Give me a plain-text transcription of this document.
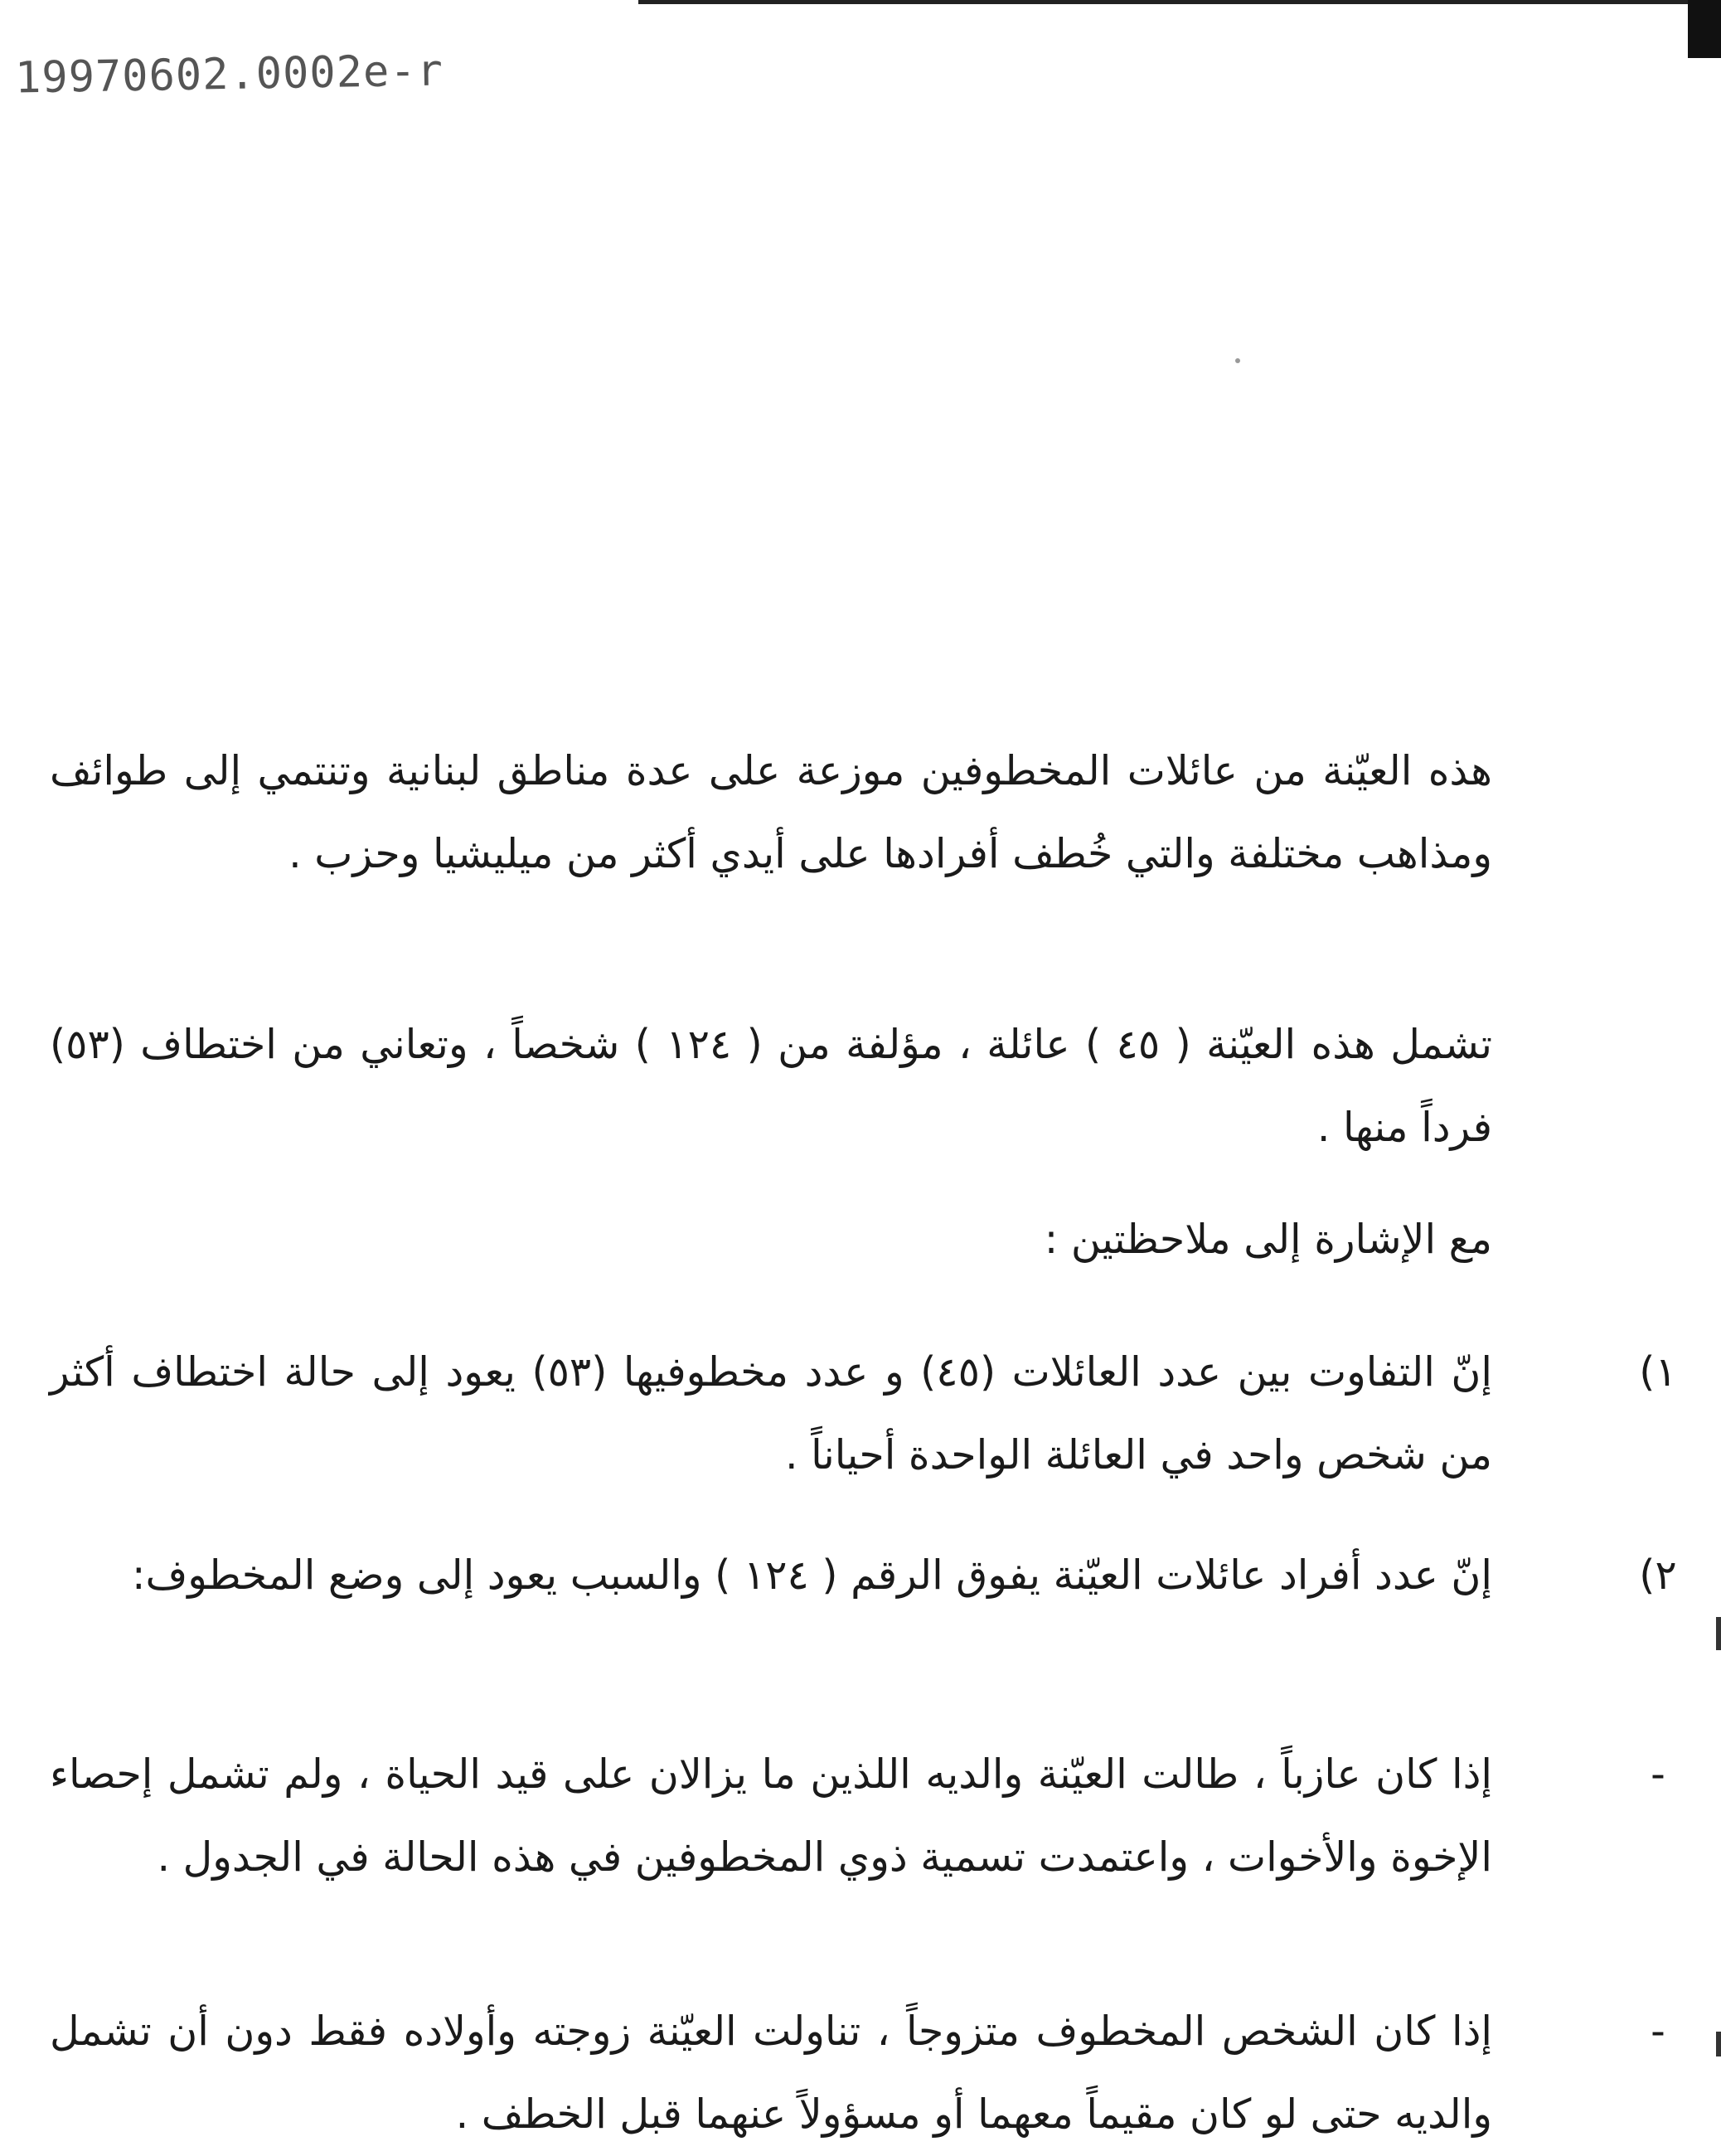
19970602.0002e-r
هذه العيّنة من عائلات المخطوفين موزعة على عدة مناطق لبنانية وتنتمي إلى طوائف ومذاهب مختلفة والتي خُطف أفرادها على أيدي أكثر من ميليشيا وحزب .
تشمل هذه العيّنة ( ٤٥ ) عائلة ، مؤلفة من ( ١٢٤ ) شخصاً ، وتعاني من اختطاف (٥٣) فرداً منها .
مع الإشارة إلى ملاحظتين :
١)
إنّ التفاوت بين عدد العائلات (٤٥) و عدد مخطوفيها (٥٣) يعود إلى حالة اختطاف أكثر من شخص واحد في العائلة الواحدة أحياناً .
٢)
إنّ عدد أفراد عائلات العيّنة يفوق الرقم ( ١٢٤ ) والسبب يعود إلى وضع المخطوف:
-
إذا كان عازباً ، طالت العيّنة والديه اللذين ما يزالان على قيد الحياة ، ولم تشمل إحصاء الإخوة والأخوات ، واعتمدت تسمية ذوي المخطوفين في هذه الحالة في الجدول .
-
إذا كان الشخص المخطوف متزوجاً ، تناولت العيّنة زوجته وأولاده فقط دون أن تشمل والديه حتى لو كان مقيماً معهما أو مسؤولاً عنهما قبل الخطف .
